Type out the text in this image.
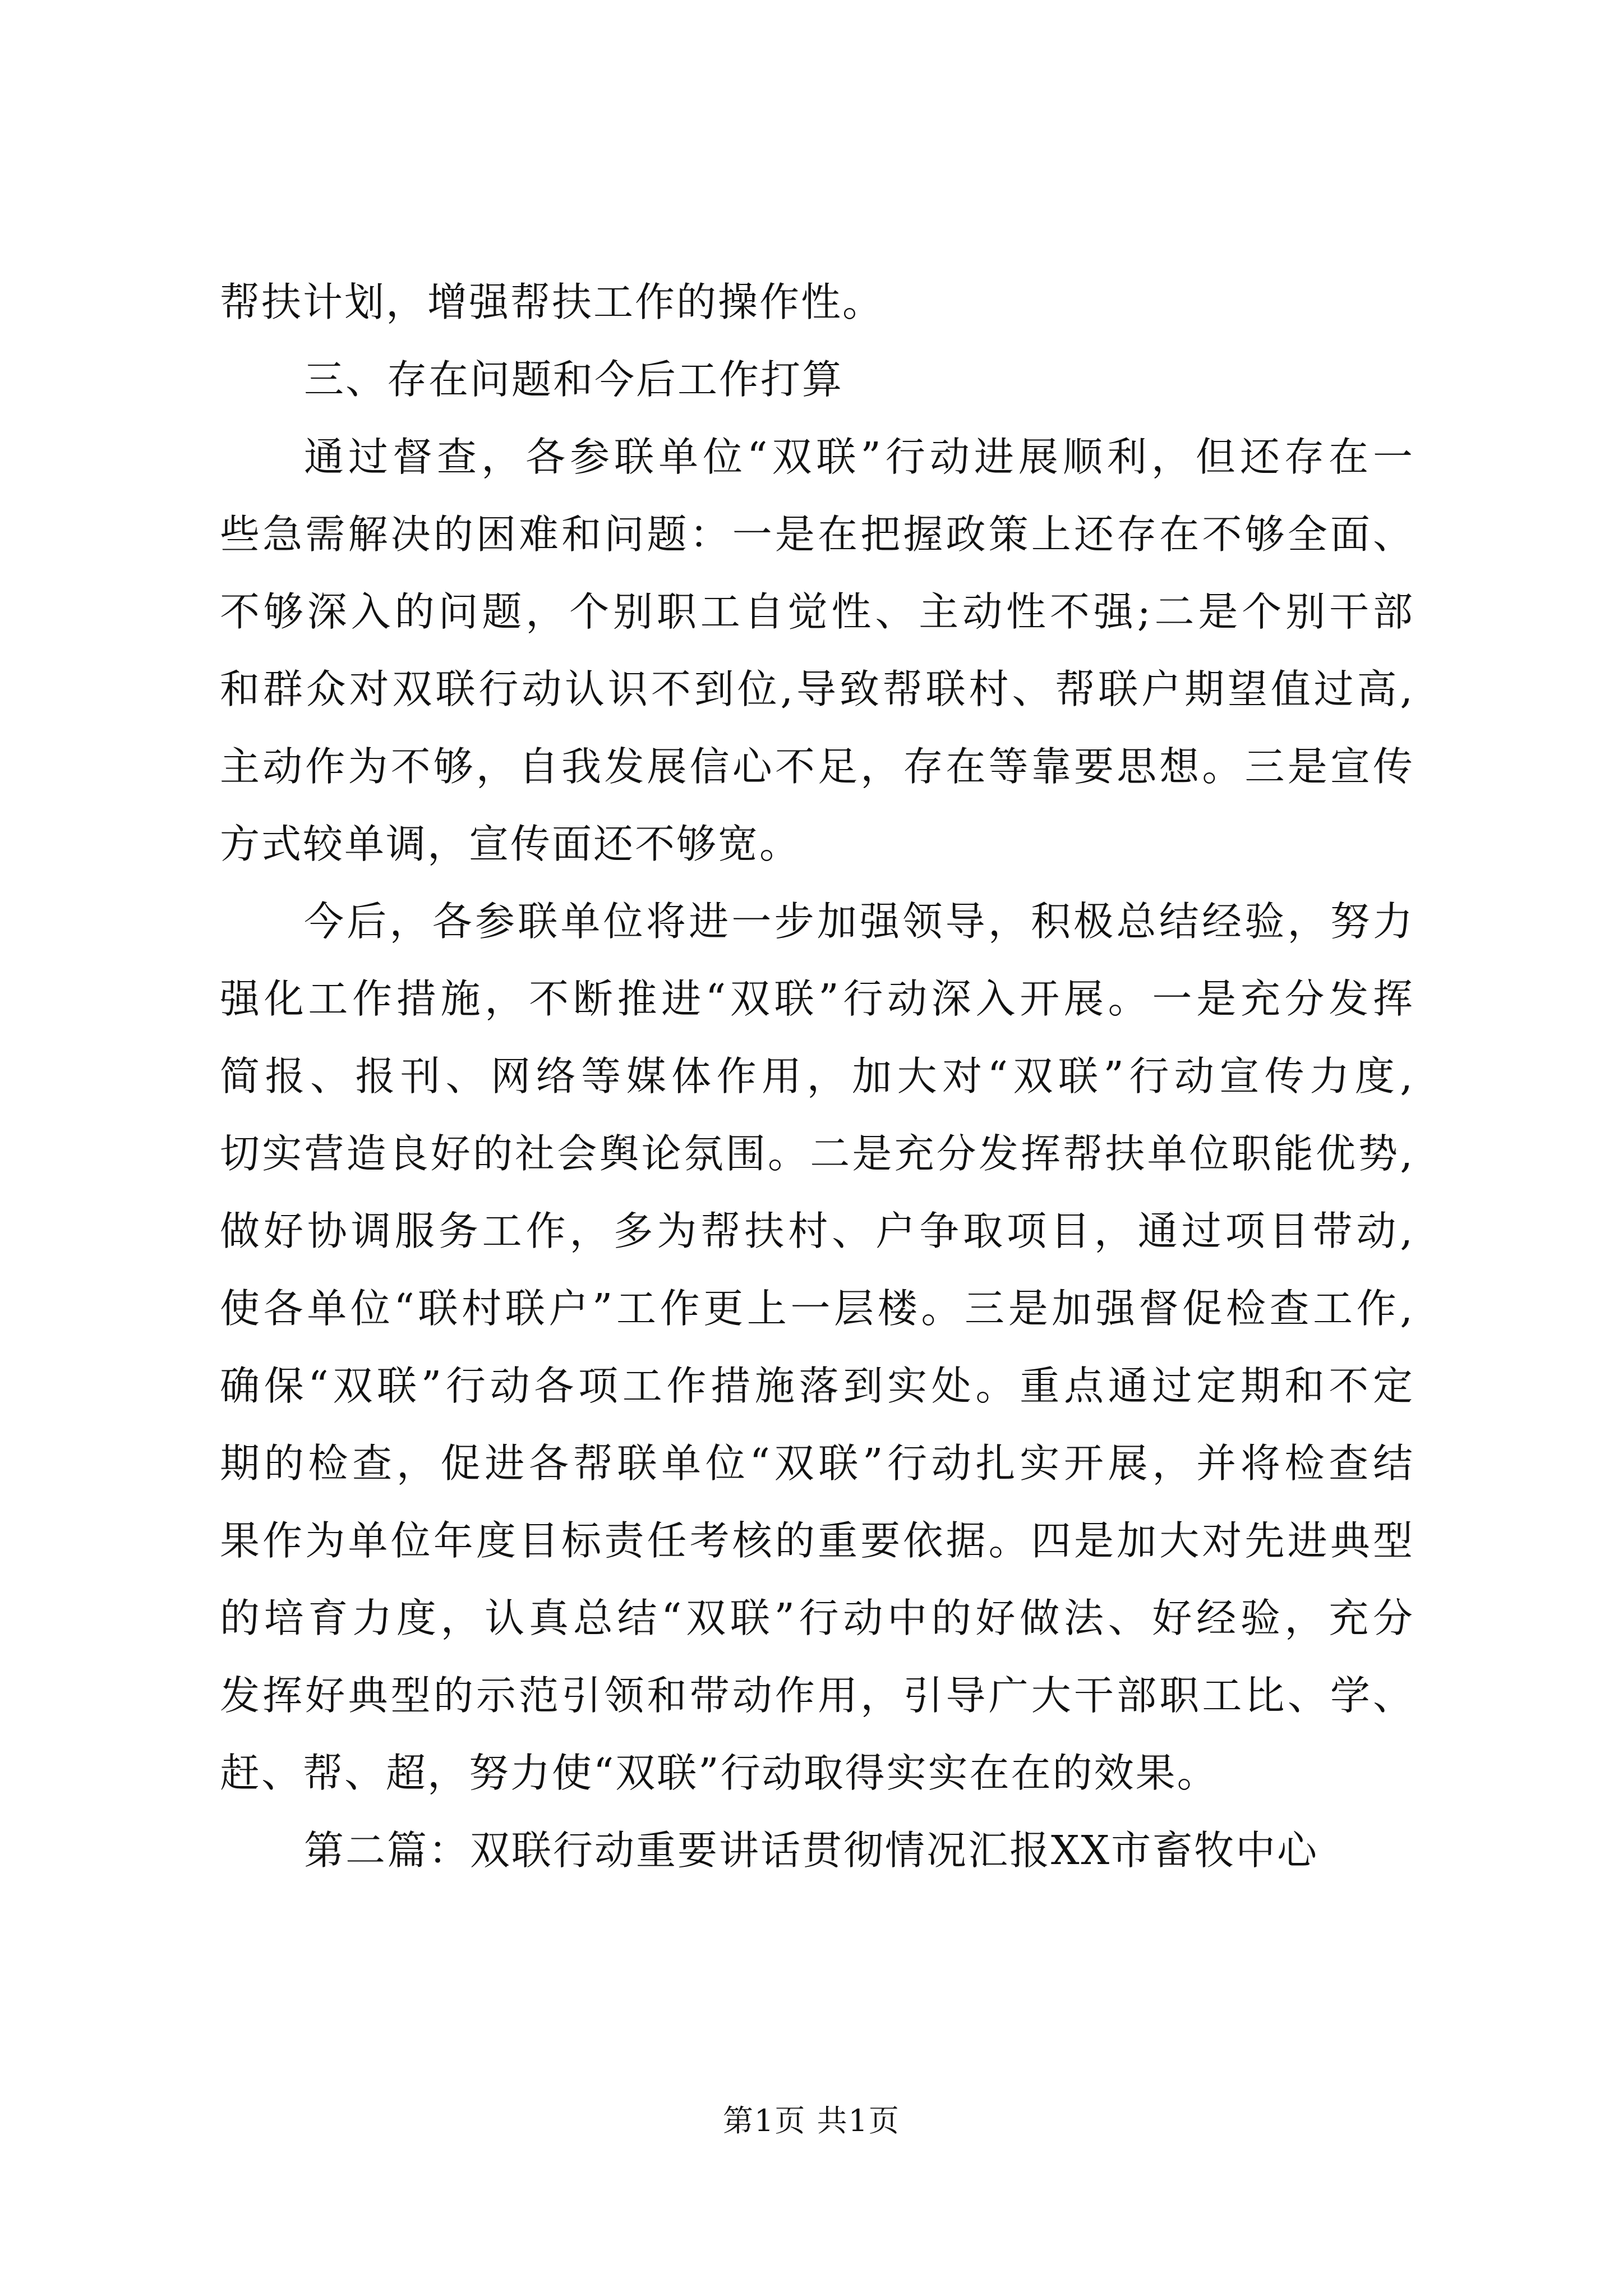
帮扶计划，增强帮扶工作的操作性。
三、存在问题和今后工作打算
通过督查，各参联单位“双联”行动进展顺利，但还存在一
些急需解决的困难和问题：一是在把握政策上还存在不够全面、
不够深入的问题，个别职工自觉性、主动性不强;二是个别干部
和群众对双联行动认识不到位,导致帮联村、帮联户期望值过高,
主动作为不够，自我发展信心不足，存在等靠要思想。三是宣传
方式较单调，宣传面还不够宽。
今后，各参联单位将进一步加强领导，积极总结经验，努力
强化工作措施，不断推进“双联”行动深入开展。一是充分发挥
简报、报刊、网络等媒体作用，加大对“双联”行动宣传力度,
切实营造良好的社会舆论氛围。二是充分发挥帮扶单位职能优势,
做好协调服务工作，多为帮扶村、户争取项目，通过项目带动,
使各单位“联村联户”工作更上一层楼。三是加强督促检查工作,
确保“双联”行动各项工作措施落到实处。重点通过定期和不定
期的检查，促进各帮联单位“双联”行动扎实开展，并将检查结
果作为单位年度目标责任考核的重要依据。四是加大对先进典型
的培育力度，认真总结“双联”行动中的好做法、好经验，充分
发挥好典型的示范引领和带动作用，引导广大干部职工比、学、
赶、帮、超，努力使“双联”行动取得实实在在的效果。
第二篇：双联行动重要讲话贯彻情况汇报XX市畜牧中心
第1页 共1页
